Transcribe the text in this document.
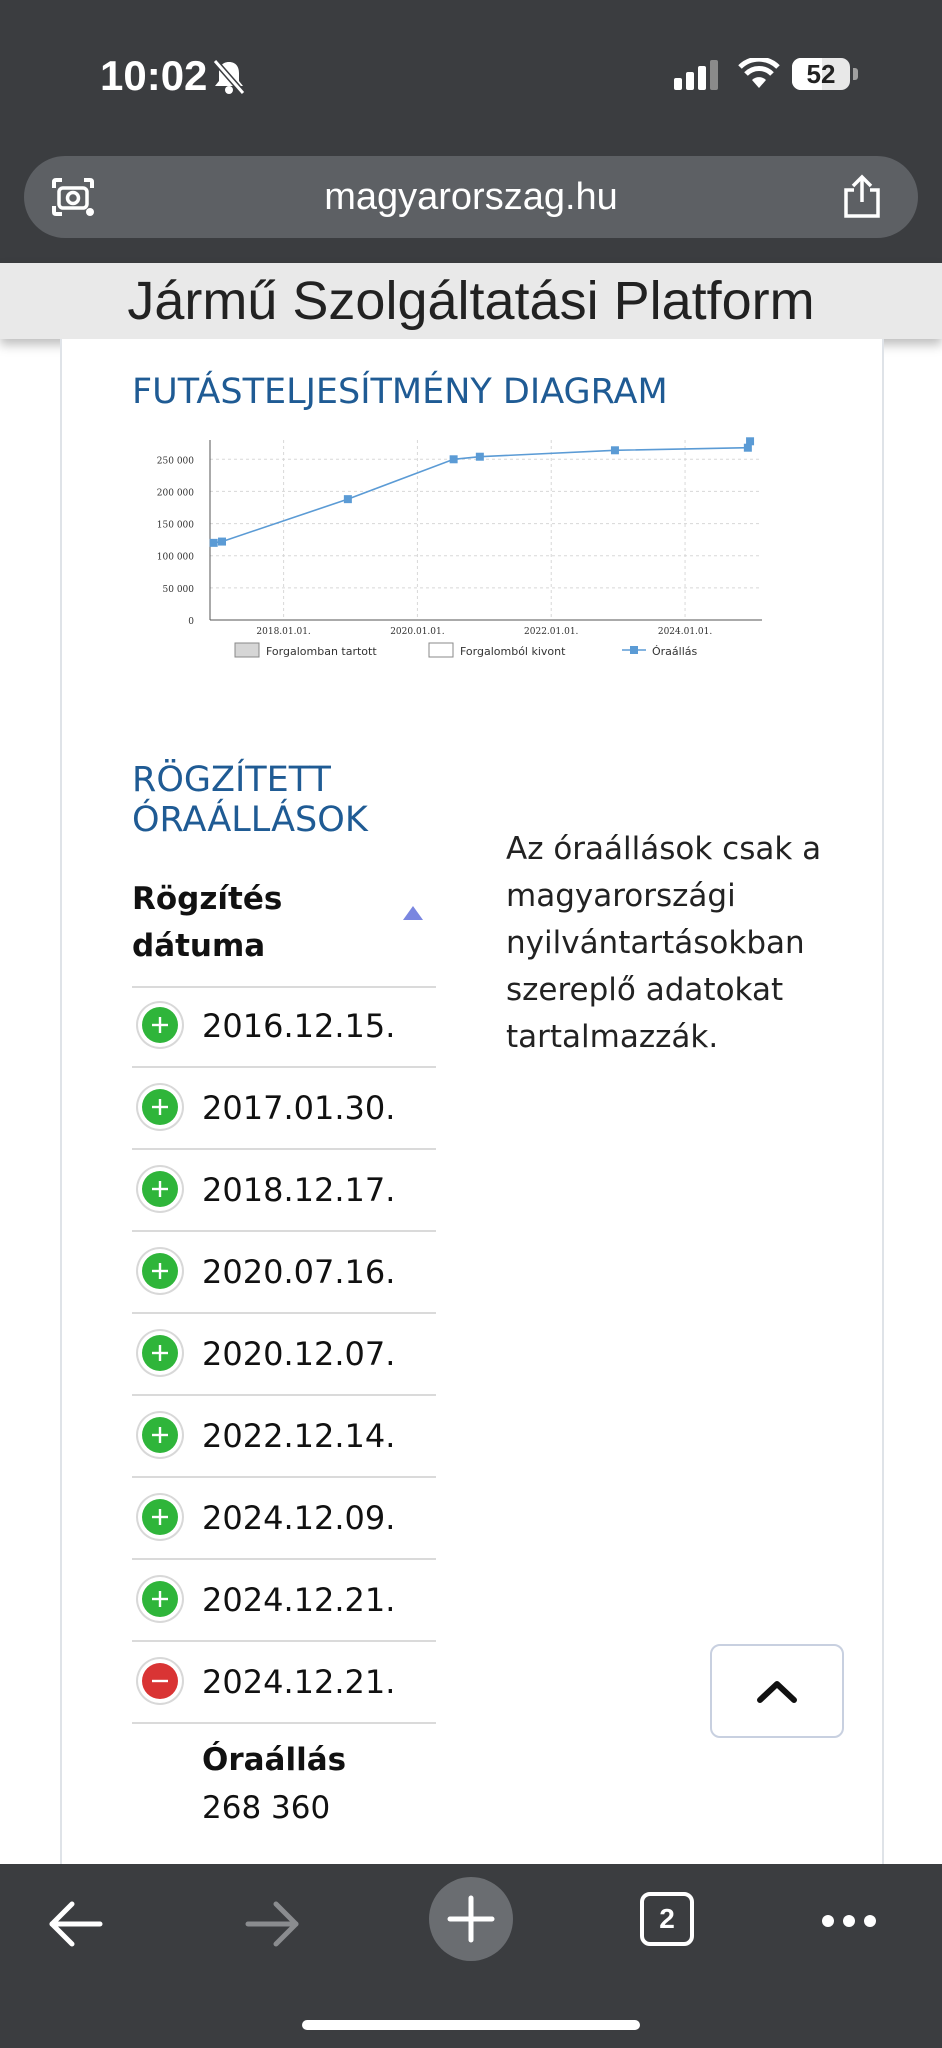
10:02	52
magyarorszag.hu
Jármű Szolgáltatási Platform
FUTÁSTELJESÍTMÉNY DIAGRAM
0
50 000
100 000
150 000
200 000
250 000
2018.01.01.	2020.01.01.	2022.01.01.	2024.01.01.
Forgalomban tartott	Forgalomból kivont	Óraállás
RÖGZÍTETT ÓRAÁLLÁSOK
Az óraállások csak a magyarországi nyilvántartásokban szereplő adatokat tartalmazzák.
Rögzítés dátuma
2016.12.15.
2017.01.30.
2018.12.17.
2020.07.16.
2020.12.07.
2022.12.14.
2024.12.09.
2024.12.21.
2024.12.21.
Óraállás
268 360
2
